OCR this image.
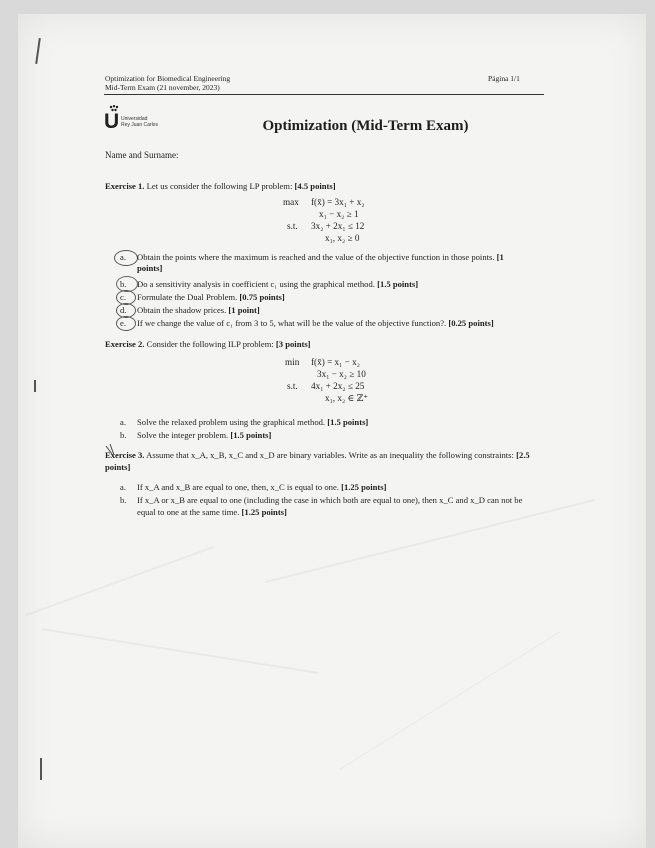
Optimization for Biomedical Engineering
Mid-Term Exam (21 november, 2023)
Página 1/1
U Universidad
Rey Juan Carlos	Optimization (Mid-Term Exam)
Name and Surname:
Exercise 1. Let us consider the following LP problem: [4.5 points]
max f(x̄) = 3x₁ + x₂
x₁ − x₂ ≥ 1
s.t. 3x₂ + 2x₁ ≤ 12
x₁, x₂ ≥ 0
a. Obtain the points where the maximum is reached and the value of the objective function in those points. [1
points]
b. Do a sensitivity analysis in coefficient c₁ using the graphical method. [1.5 points]
c. Formulate the Dual Problem. [0.75 points]
d. Obtain the shadow prices. [1 point]
e. If we change the value of c₁ from 3 to 5, what will be the value of the objective function?. [0.25 points]
Exercise 2. Consider the following ILP problem: [3 points]
min f(x̄) = x₁ − x₂
3x₁ − x₂ ≥ 10
s.t. 4x₁ + 2x₂ ≤ 25
x₁, x₂ ∈ ℤ⁺
a. Solve the relaxed problem using the graphical method. [1.5 points]
b. Solve the integer problem. [1.5 points]
Exercise 3. Assume that x_A, x_B, x_C and x_D are binary variables. Write as an inequality the following constraints: [2.5
points]
a. If x_A and x_B are equal to one, then, x_C is equal to one. [1.25 points]
b. If x_A or x_B are equal to one (including the case in which both are equal to one), then x_C and x_D can not be
equal to one at the same time. [1.25 points]
